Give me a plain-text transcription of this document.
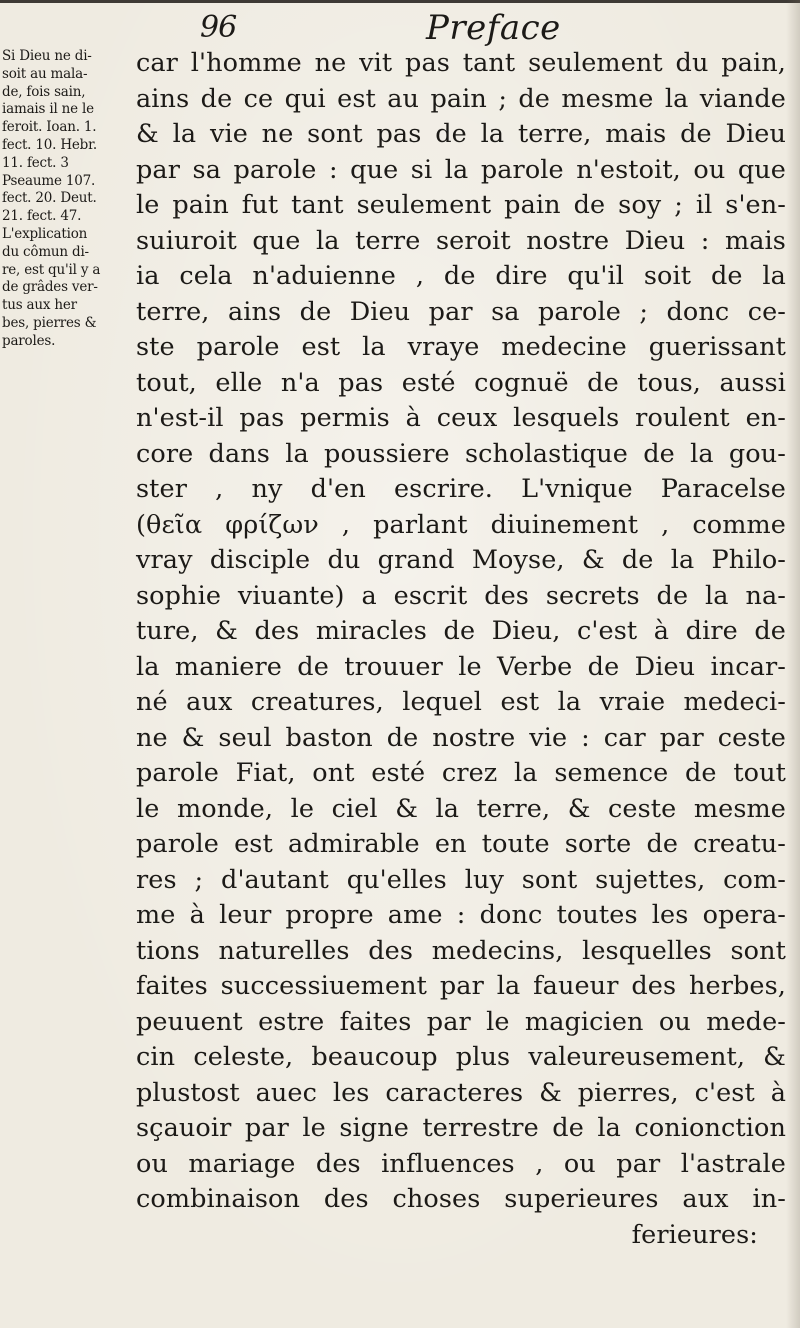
96	Preface
Si Dieu ne di-
soit au mala-
de, fois sain,
iamais il ne le
feroit. Ioan. 1.
fect. 10. Hebr.
11. fect. 3
Pseaume 107.
fect. 20. Deut.
21. fect. 47.
L'explication
du cômun di-
re, est qu'il y a
de grâdes ver-
tus aux her
bes, pierres &
paroles.
car l'homme ne vit pas tant seulement du pain,
ains de ce qui est au pain ; de mesme la viande
& la vie ne sont pas de la terre, mais de Dieu
par sa parole : que si la parole n'estoit, ou que
le pain fut tant seulement pain de soy ; il s'en-
suiuroit que la terre seroit nostre Dieu : mais
ia cela n'aduienne , de dire qu'il soit de la
terre, ains de Dieu par sa parole ; donc ce-
ste parole est la vraye medecine guerissant
tout, elle n'a pas esté cognuë de tous, aussi
n'est-il pas permis à ceux lesquels roulent en-
core dans la poussiere scholastique de la gou-
ster , ny d'en escrire. L'vnique Paracelse
(θεῖα φρίζων , parlant diuinement , comme
vray disciple du grand Moyse, & de la Philo-
sophie viuante) a escrit des secrets de la na-
ture, & des miracles de Dieu, c'est à dire de
la maniere de trouuer le Verbe de Dieu incar-
né aux creatures, lequel est la vraie medeci-
ne & seul baston de nostre vie : car par ceste
parole Fiat, ont esté crez la semence de tout
le monde, le ciel & la terre, & ceste mesme
parole est admirable en toute sorte de creatu-
res ; d'autant qu'elles luy sont sujettes, com-
me à leur propre ame : donc toutes les opera-
tions naturelles des medecins, lesquelles sont
faites successiuement par la faueur des herbes,
peuuent estre faites par le magicien ou mede-
cin celeste, beaucoup plus valeureusement, &
plustost auec les caracteres & pierres, c'est à
sçauoir par le signe terrestre de la conionction
ou mariage des influences , ou par l'astrale
combinaison des choses superieures aux in-
ferieures:
